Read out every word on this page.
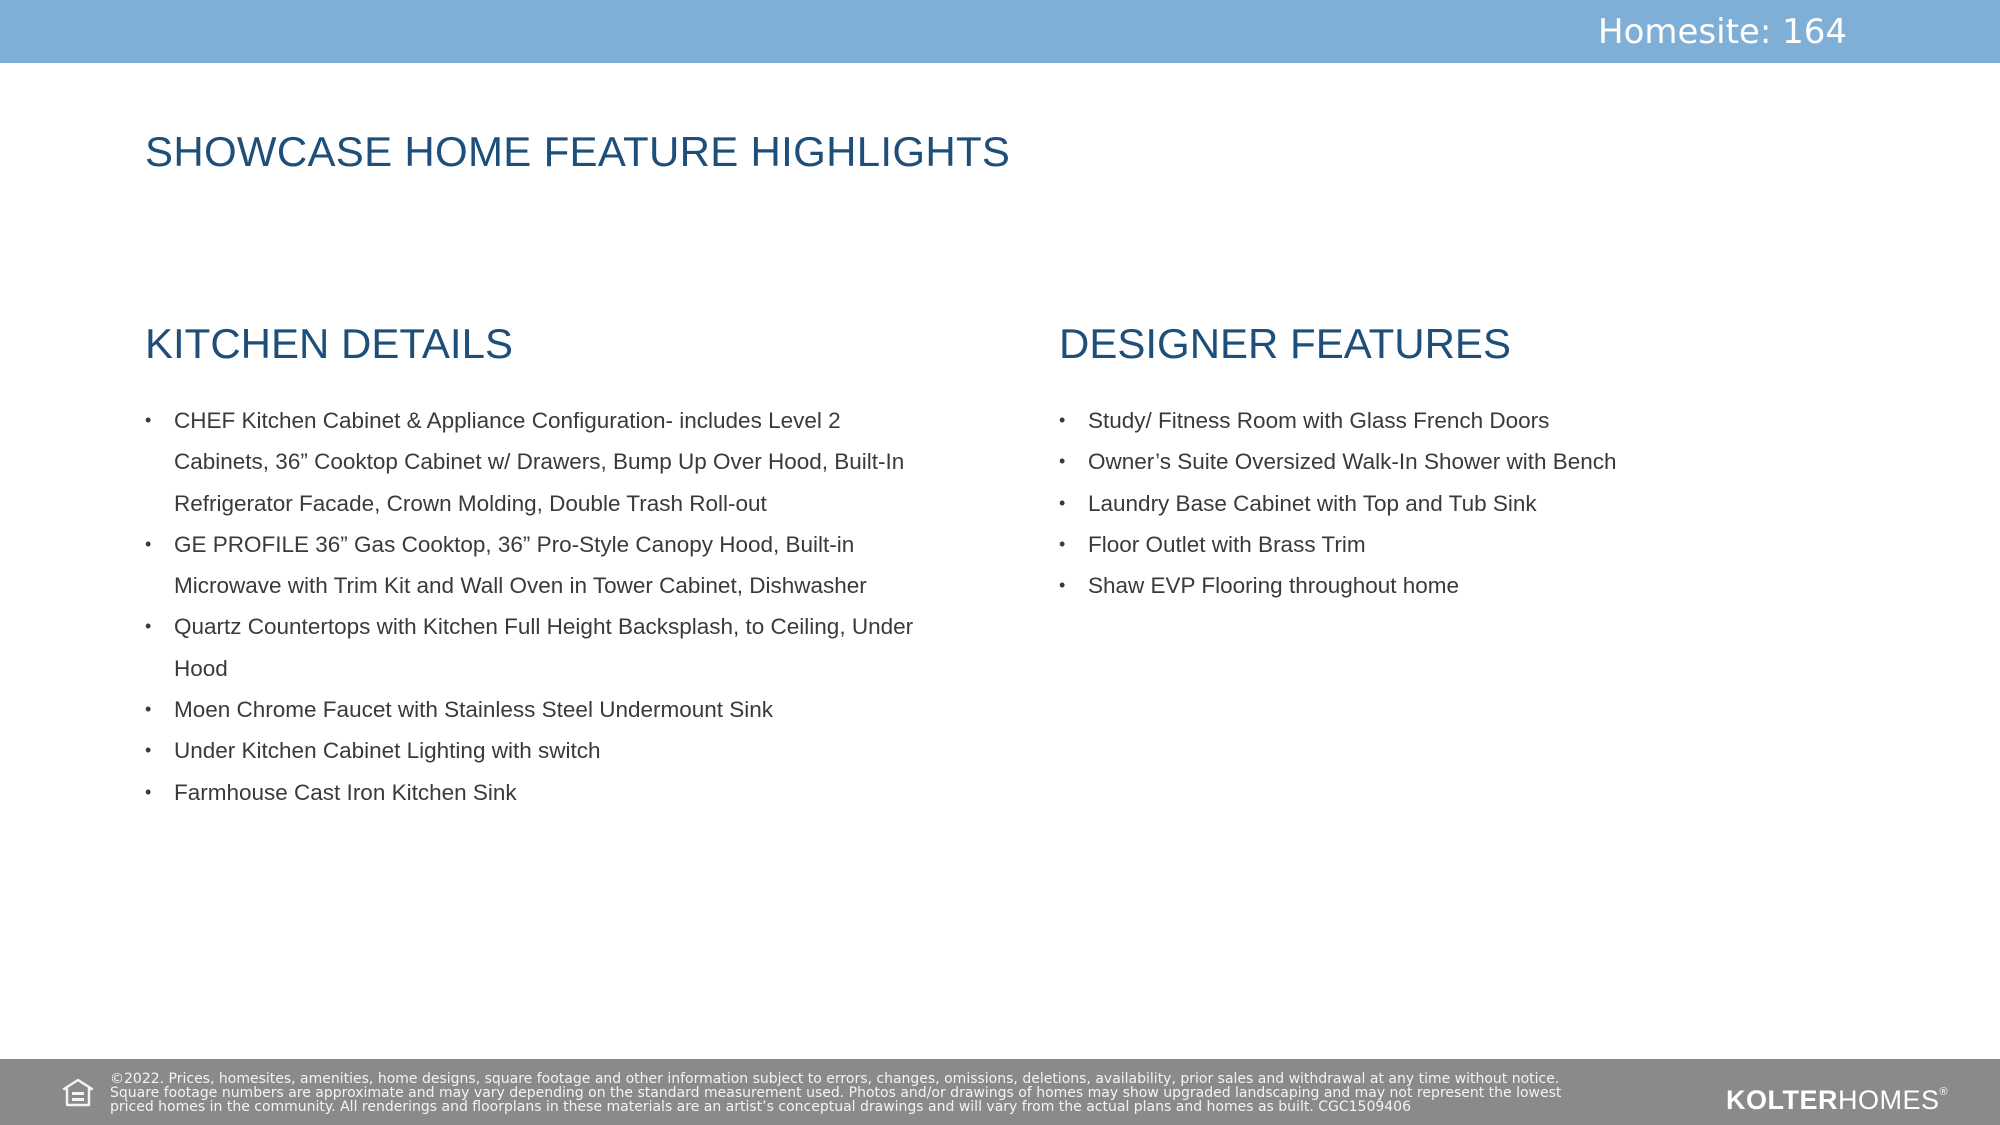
Homesite: 164
SHOWCASE HOME FEATURE HIGHLIGHTS
KITCHEN DETAILS
• CHEF Kitchen Cabinet & Appliance Configuration- includes Level 2 Cabinets, 36” Cooktop Cabinet w/ Drawers, Bump Up Over Hood, Built-In Refrigerator Facade, Crown Molding, Double Trash Roll-out
• GE PROFILE 36” Gas Cooktop, 36” Pro-Style Canopy Hood, Built-in Microwave with Trim Kit and Wall Oven in Tower Cabinet, Dishwasher
• Quartz Countertops with Kitchen Full Height Backsplash, to Ceiling, Under Hood
• Moen Chrome Faucet with Stainless Steel Undermount Sink
• Under Kitchen Cabinet Lighting with switch
• Farmhouse Cast Iron Kitchen Sink
DESIGNER FEATURES
• Study/ Fitness Room with Glass French Doors
• Owner’s Suite Oversized Walk-In Shower with Bench
• Laundry Base Cabinet with Top and Tub Sink
• Floor Outlet with Brass Trim
• Shaw EVP Flooring throughout home
©2022. Prices, homesites, amenities, home designs, square footage and other information subject to errors, changes, omissions, deletions, availability, prior sales and withdrawal at any time without notice.
Square footage numbers are approximate and may vary depending on the standard measurement used. Photos and/or drawings of homes may show upgraded landscaping and may not represent the lowest
priced homes in the community. All renderings and floorplans in these materials are an artist’s conceptual drawings and will vary from the actual plans and homes as built. CGC1509406	KOLTERHOMES®
